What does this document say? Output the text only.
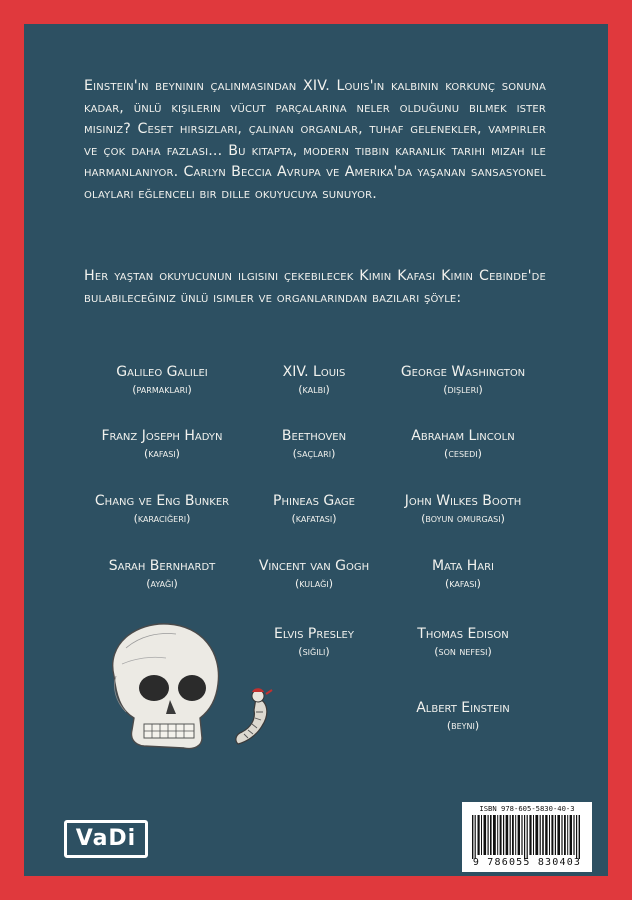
Einstein'ın beyninin çalınmasından XIV. Louis'in kalbinin korkunç sonuna kadar, ünlü kişilerin vücut parçalarına neler olduğunu bilmek ister misiniz? Ceset hırsızları, çalınan organlar, tuhaf gelenekler, vampirler ve çok daha fazlası... Bu kitapta, modern tıbbın karanlık tarihi mizah ile harmanlanıyor. Carlyn Beccia Avrupa ve Amerika'da yaşanan sansasyonel olayları eğlenceli bir dille okuyucuya sunuyor.

Her yaştan okuyucunun ilgisini çekebilecek Kimin Kafası Kimin Cebinde'de bulabileceğiniz ünlü isimler ve organlarından bazıları şöyle:

Galileo Galilei
(parmakları)
XIV. Louis
(kalbi)
George Washington
(dişleri)
Franz Joseph Hadyn
(kafası)
Beethoven
(saçları)
Abraham Lincoln
(cesedi)
Chang ve Eng Bunker
(karaciğeri)
Phineas Gage
(kafatası)
John Wilkes Booth
(boyun omurgası)
Sarah Bernhardt
(ayağı)
Vincent van Gogh
(kulağı)
Mata Hari
(kafası)
Elvis Presley
(siğili)
Thomas Edison
(son nefesi)
Albert Einstein
(beyni)
VaDi
ISBN 978-605-5830-40-3
9 786055 830403
